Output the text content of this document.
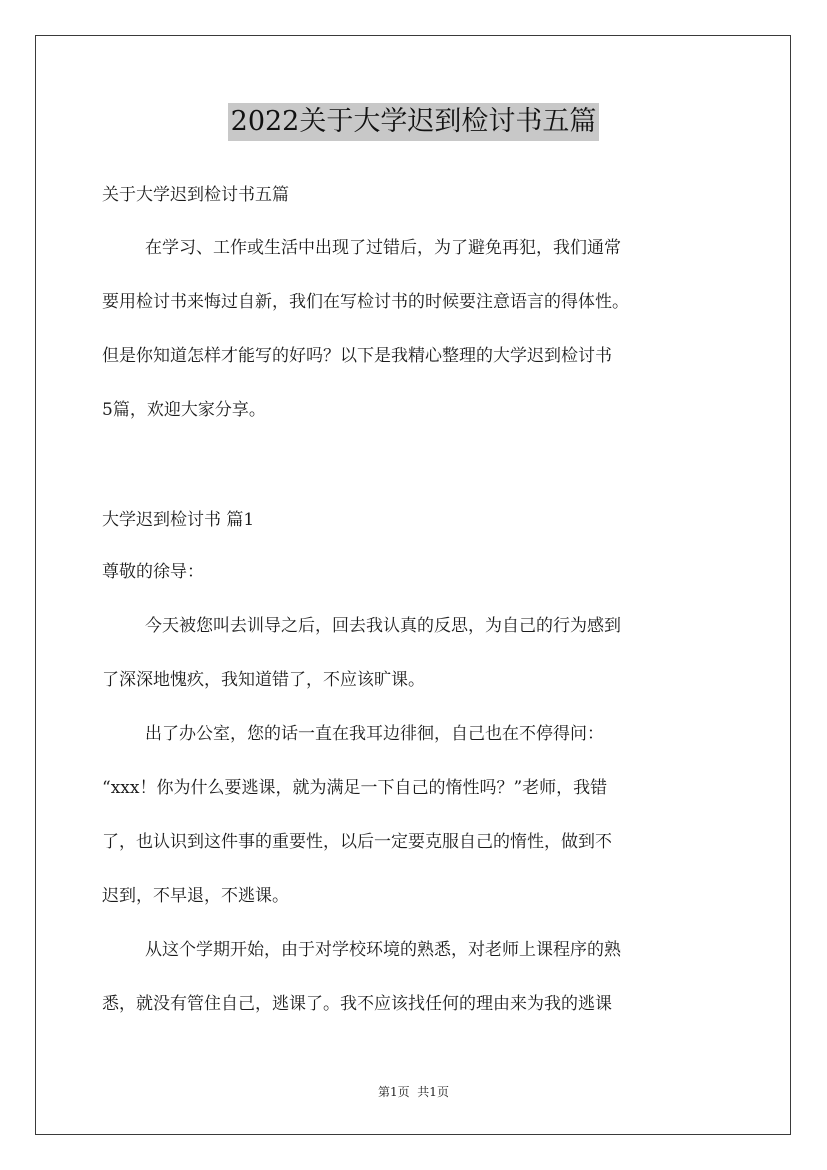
2022关于大学迟到检讨书五篇
关于大学迟到检讨书五篇
在学习、工作或生活中出现了过错后，为了避免再犯，我们通常
要用检讨书来悔过自新，我们在写检讨书的时候要注意语言的得体性。
但是你知道怎样才能写的好吗？以下是我精心整理的大学迟到检讨书
5篇，欢迎大家分享。
大学迟到检讨书 篇1
尊敬的徐导：
今天被您叫去训导之后，回去我认真的反思，为自己的行为感到
了深深地愧疚，我知道错了，不应该旷课。
出了办公室，您的话一直在我耳边徘徊，自己也在不停得问：
“xxx！你为什么要逃课，就为满足一下自己的惰性吗？”老师，我错
了，也认识到这件事的重要性，以后一定要克服自己的惰性，做到不
迟到，不早退，不逃课。
从这个学期开始，由于对学校环境的熟悉，对老师上课程序的熟
悉，就没有管住自己，逃课了。我不应该找任何的理由来为我的逃课
第1页  共1页
